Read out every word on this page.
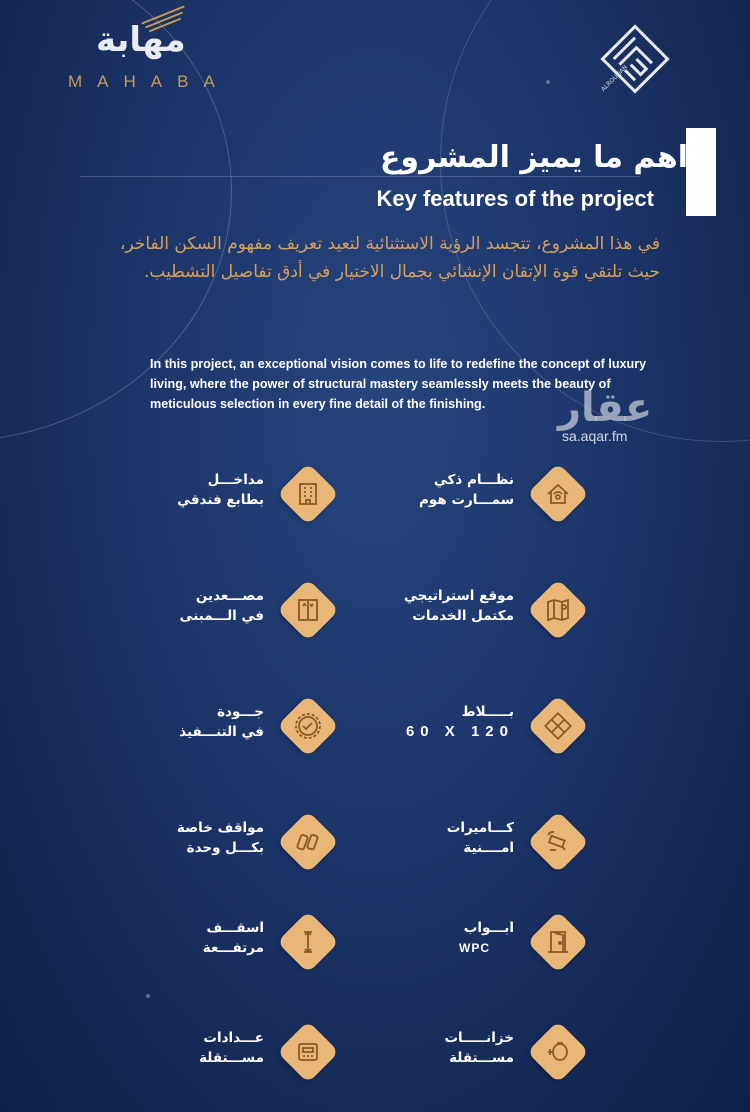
مهابة
MAHABA	ALROUQAN
اهم ما يميز المشروع
Key features of the project
في هذا المشروع، تتجسد الرؤية الاستثنائية لتعيد تعريف مفهوم السكن الفاخر، حيث تلتقي قوة الإتقان الإنشائي بجمال الاختيار في أدق تفاصيل التشطيب.
In this project, an exceptional vision comes to life to redefine the concept of luxury living, where the power of structural mastery seamlessly meets the beauty of meticulous selection in every fine detail of the finishing.	عقار
sa.aqar.fm
نظـــام ذكي
سمـــارت هوم
مداخـــل
بطابع فندقي
موقع استراتيجي
مكتمل الخدمات
مصـــعدين
في الـــمبنى
بـــــلاط
60 X 120
جـــودة
في التنـــفيذ
كـــاميرات
امــــنية
مواقف خاصة
بكـــل وحدة
ابـــواب
WPC
اسقـــف
مرتفـــعة
خزانـــــات
مســـتقلة
عـــدادات
مســـتقلة
